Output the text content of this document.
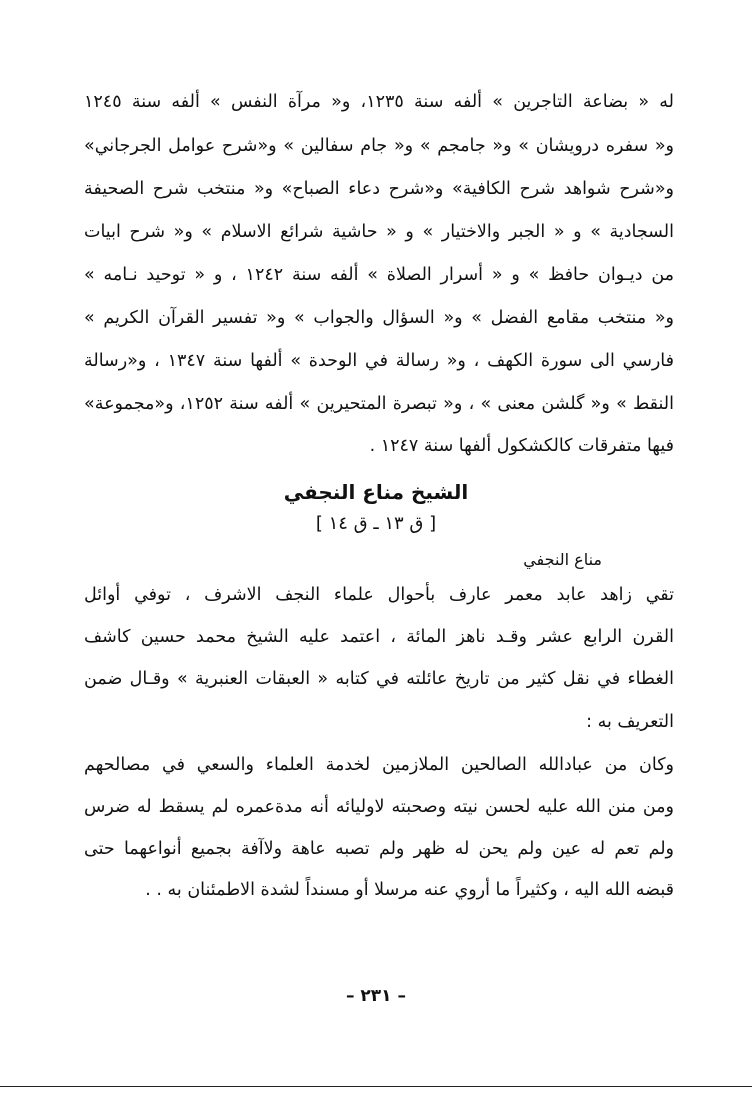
له « بضاعة التاجرين » ألفه سنة ١٢٣٥، و« مرآة النفس » ألفه سنة ١٢٤٥
و« سفره درويشان » و« جامجم » و« جام سفالين » و«شرح عوامل الجرجاني»
و«شرح شواهد شرح الكافية» و«شرح دعاء الصباح» و« منتخب شرح الصحيفة
السجادية » و « الجبر والاختيار » و « حاشية شرائع الاسلام » و« شرح ابيات
من ديـوان حافظ » و « أسرار الصلاة » ألفه سنة ١٢٤٢ ، و « توحيد نـامه »
و« منتخب مقامع الفضل » و« السؤال والجواب » و« تفسير القرآن الكريم »
فارسي الى سورة الكهف ، و« رسالة في الوحدة » ألفها سنة ١٣٤٧ ، و«رسالة
النقط » و« گلشن معنى » ، و« تبصرة المتحيرين » ألفه سنة ١٢٥٢، و«مجموعة»
فيها متفرقات كالكشكول ألفها سنة ١٢٤٧ .
الشيخ مناع النجفي
[ ق ١٣ ـ ق ١٤ ]
مناع النجفي
تقي زاهد عابد معمر عارف بأحوال علماء النجف الاشرف ، توفي أوائل
القرن الرابع عشر وقـد ناهز المائة ، اعتمد عليه الشيخ محمد حسين كاشف
الغطاء في نقل كثير من تاريخ عائلته في كتابه « العبقات العنبرية » وقـال ضمن
التعريف به :
وكان من عبادالله الصالحين الملازمين لخدمة العلماء والسعي في مصالحهم
ومن منن الله عليه لحسن نيته وصحبته لاوليائه أنه مدةعمره لم يسقط له ضرس
ولم تعم له عين ولم يحن له ظهر ولم تصبه عاهة ولاآفة بجميع أنواعهما حتى
قبضه الله اليه ، وكثيراً ما أروي عنه مرسلا أو مسنداً لشدة الاطمئنان به . .
– ٢٣١ –
